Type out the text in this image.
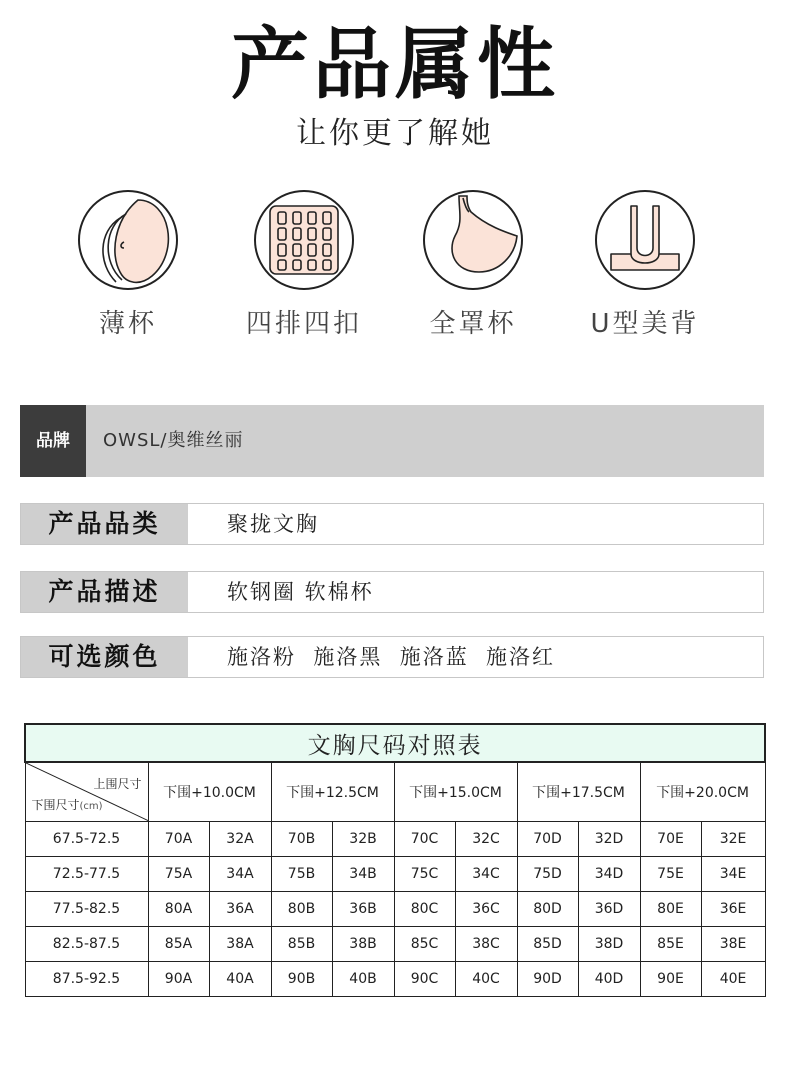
产品属性
让你更了解她
薄杯	四排四扣	全罩杯	U型美背
品牌	OWSL/奥维丝丽
产品品类	聚拢文胸
产品描述	软钢圈 软棉杯
可选颜色	施洛粉  施洛黑  施洛蓝  施洛红
文胸尺码对照表										

上围尺寸
下围尺寸(cm)	下围+10.0CM		下围+12.5CM		下围+15.0CM		下围+17.5CM		下围+20.0CM	
67.5-72.5	70A	32A	70B	32B	70C	32C	70D	32D	70E	32E
72.5-77.5	75A	34A	75B	34B	75C	34C	75D	34D	75E	34E
77.5-82.5	80A	36A	80B	36B	80C	36C	80D	36D	80E	36E
82.5-87.5	85A	38A	85B	38B	85C	38C	85D	38D	85E	38E
87.5-92.5	90A	40A	90B	40B	90C	40C	90D	40D	90E	40E
